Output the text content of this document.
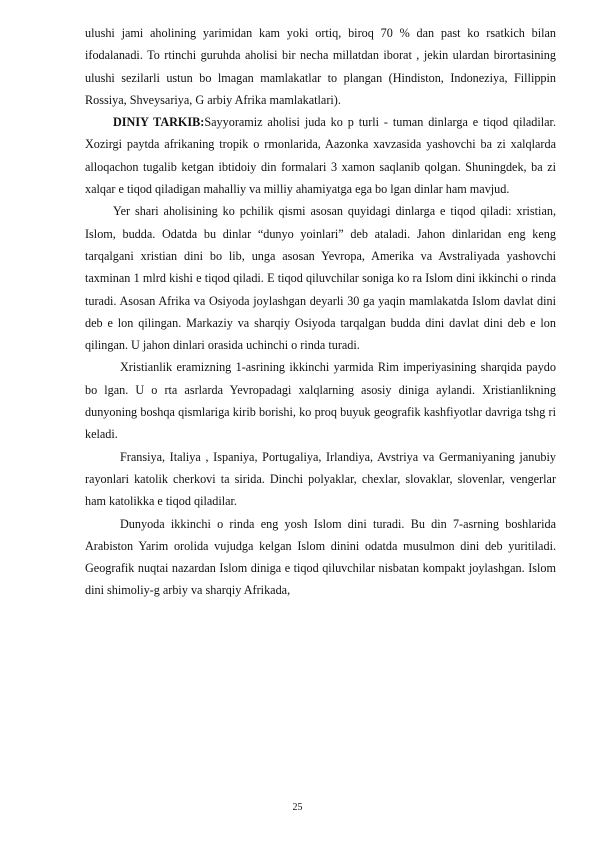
ulushi jami aholining yarimidan kam yoki ortiq, biroq 70 % dan past ko rsatkich bilan ifodalanadi. To rtinchi guruhda aholisi bir necha millatdan iborat , jekin ulardan birortasining ulushi sezilarli ustun bo lmagan mamlakatlar to plangan (Hindiston, Indoneziya, Fillippin Rossiya, Shveysariya, G arbiy Afrika mamlakatlari).

DINIY TARKIB:Sayyoramiz aholisi juda ko p turli - tuman dinlarga e tiqod qiladilar. Xozirgi paytda afrikaning tropik o rmonlarida, Aazonka xavzasida yashovchi ba zi xalqlarda alloqachon tugalib ketgan ibtidoiy din formalari 3 xamon saqlanib qolgan. Shuningdek, ba zi xalqar e tiqod qiladigan mahalliy va milliy ahamiyatga ega bo lgan dinlar ham mavjud.

Yer shari aholisining ko pchilik qismi asosan quyidagi dinlarga e tiqod qiladi: xristian, Islom, budda. Odatda bu dinlar “dunyo yoinlari” deb ataladi. Jahon dinlaridan eng keng tarqalgani xristian dini bo lib, unga asosan Yevropa, Amerika va Avstraliyada yashovchi taxminan 1 mlrd kishi e tiqod qiladi. E tiqod qiluvchilar soniga ko ra Islom dini ikkinchi o rinda turadi. Asosan Afrika va Osiyoda joylashgan deyarli 30 ga yaqin mamlakatda Islom davlat dini deb e lon qilingan. Markaziy va sharqiy Osiyoda tarqalgan budda dini davlat dini deb e lon qilingan. U jahon dinlari orasida uchinchi o rinda turadi.

Xristianlik eramizning 1-asrining ikkinchi yarmida Rim imperiyasining sharqida paydo bo lgan. U o rta asrlarda Yevropadagi xalqlarning asosiy diniga aylandi. Xristianlikning dunyoning boshqa qismlariga kirib borishi, ko proq buyuk geografik kashfiyotlar davriga tshg ri keladi.

Fransiya, Italiya , Ispaniya, Portugaliya, Irlandiya, Avstriya va Germaniyaning janubiy rayonlari katolik cherkovi ta sirida. Dinchi polyaklar, chexlar, slovaklar, slovenlar, vengerlar ham katolikka e tiqod qiladilar.

Dunyoda ikkinchi o rinda eng yosh Islom dini turadi. Bu din 7-asrning boshlarida Arabiston Yarim orolida vujudga kelgan Islom dinini odatda musulmon dini deb yuritiladi. Geografik nuqtai nazardan Islom diniga e tiqod qiluvchilar nisbatan kompakt joylashgan. Islom dini shimoliy-g arbiy va sharqiy Afrikada,

25
